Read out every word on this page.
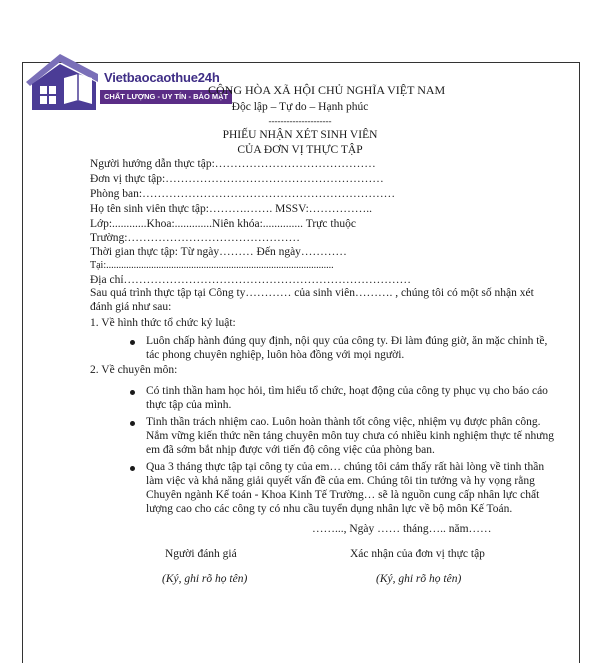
Vietbaocaothue24h
CHẤT LƯỢNG - UY TÍN - BẢO MẬT
CỘNG HÒA XÃ HỘI CHỦ NGHĨA VIỆT NAM
Độc lập – Tự do – Hạnh phúc
---------------------
PHIẾU NHẬN XÉT SINH VIÊN
CỦA ĐƠN VỊ THỰC TẬP
Người hướng dẫn thực tập:……………………………………
Đơn vị thực tập:…………………………………………………
Phòng ban:…………………………………………………………
Họ tên sinh viên thực tập:……….……. MSSV:……………..
Lớp:............Khoa:.............Niên khóa:.............. Trực thuộc
Trường:………………………………………
Thời gian thực tập: Từ ngày……… Đến ngày…………
Tại:...........................................................................................
Địa chỉ…………………………………………………………………
Sau quá trình thực tập tại Công ty………… của sinh viên………. , chúng tôi có một số nhận xét đánh giá như sau:
1. Về hình thức tổ chức kỷ luật:
Luôn chấp hành đúng quy định, nội quy của công ty. Đi làm đúng giờ, ăn mặc chỉnh tề, tác phong chuyên nghiệp, luôn hòa đồng với mọi người.
2. Về chuyên môn:
Có tinh thần ham học hỏi, tìm hiểu tổ chức, hoạt động của công ty phục vụ cho báo cáo thực tập của mình.
Tinh thần trách nhiệm cao. Luôn hoàn thành tốt công việc, nhiệm vụ được phân công. Nắm vững kiến thức nền tảng chuyên môn tuy chưa có nhiều kinh nghiệm thực tế nhưng em đã sớm bắt nhịp được với tiến độ công việc của phòng ban.
Qua 3 tháng thực tập tại công ty của em… chúng tôi cảm thấy rất hài lòng về tinh thần làm việc và khả năng giải quyết vấn đề của em. Chúng tôi tin tưởng và hy vọng rằng Chuyên ngành Kế toán - Khoa Kinh Tế Trường… sẽ là nguồn cung cấp nhân lực chất lượng cao cho các công ty có nhu cầu tuyển dụng nhân lực về bộ môn Kế Toán.
……..., Ngày …… tháng….. năm……
Người đánh giá	Xác nhận của đơn vị thực tập
(Ký, ghi rõ họ tên)	(Ký, ghi rõ họ tên)
